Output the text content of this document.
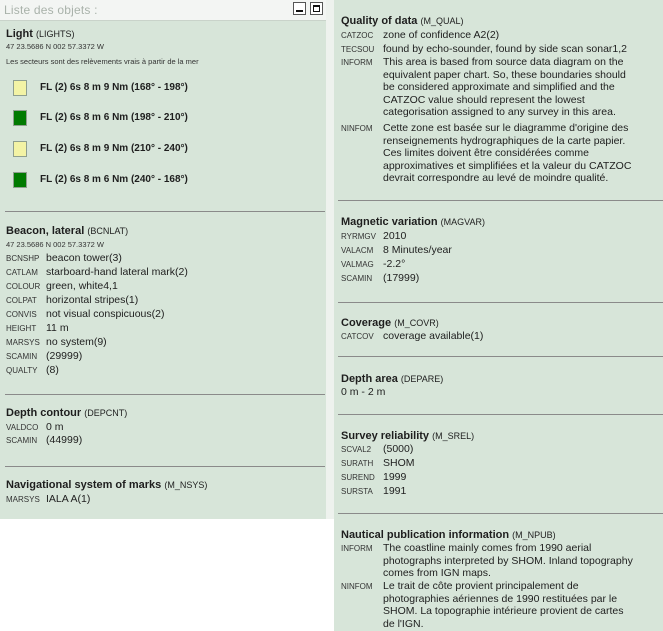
Liste des objets :
Light (LIGHTS)
47 23.5686 N 002 57.3372 W
Les secteurs sont des relèvements vrais à partir de la mer
FL (2) 6s 8 m 9 Nm (168° - 198°)
FL (2) 6s 8 m 6 Nm (198° - 210°)
FL (2) 6s 8 m 9 Nm (210° - 240°)
FL (2) 6s 8 m 6 Nm (240° - 168°)
Beacon, lateral (BCNLAT)
47 23.5686 N 002 57.3372 W
BCNSHP beacon tower(3)
CATLAM starboard-hand lateral mark(2)
COLOUR green, white4,1
COLPAT horizontal stripes(1)
CONVIS not visual conspicuous(2)
HEIGHT 11 m
MARSYS no system(9)
SCAMIN (29999)
QUALTY (8)
Depth contour (DEPCNT)
VALDCO 0 m
SCAMIN (44999)
Navigational system of marks (M_NSYS)
MARSYS IALA A(1)
Quality of data (M_QUAL)
CATZOC zone of confidence A2(2)
TECSOU found by echo-sounder, found by side scan sonar1,2
INFORM This area is based from source data diagram on the equivalent paper chart. So, these boundaries should be considered approximate and simplified and the CATZOC value should represent the lowest categorisation assigned to any survey in this area.
NINFOM Cette zone est basée sur le diagramme d'origine des renseignements hydrographiques de la carte papier. Ces limites doivent être considérées comme approximatives et simplifiées et la valeur du CATZOC devrait correspondre au levé de moindre qualité.
Magnetic variation (MAGVAR)
RYRMGV 2010
VALACM 8 Minutes/year
VALMAG -2.2°
SCAMIN (17999)
Coverage (M_COVR)
CATCOV coverage available(1)
Depth area (DEPARE)
0 m - 2 m
Survey reliability (M_SREL)
SCVAL2 (5000)
SURATH SHOM
SUREND 1999
SURSTA 1991
Nautical publication information (M_NPUB)
INFORM The coastline mainly comes from 1990 aerial photographs interpreted by SHOM. Inland topography comes from IGN maps.
NINFOM Le trait de côte provient principalement de photographies aériennes de 1990 restituées par le SHOM. La topographie intérieure provient de cartes de l'IGN.
